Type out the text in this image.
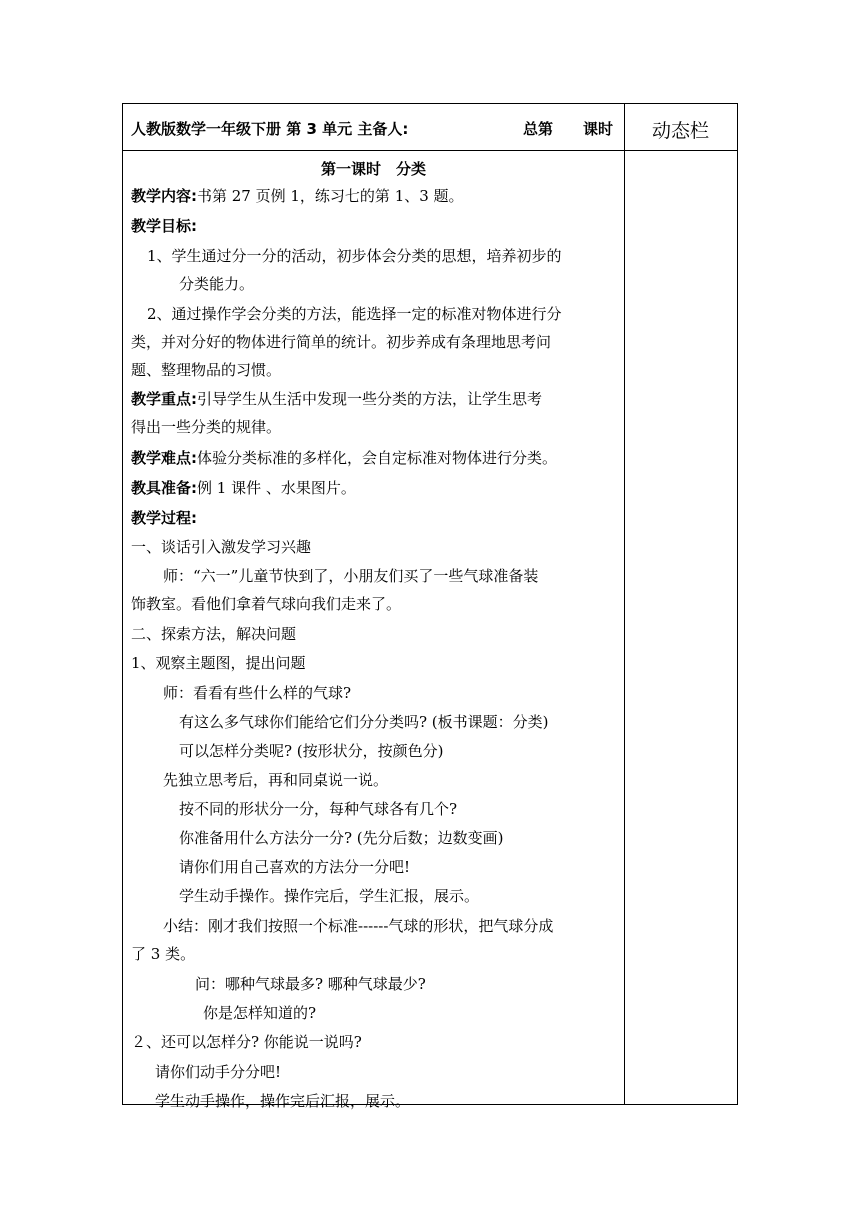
人教版数学一年级下册 第 3 单元 主备人:	总第 课时	动态栏
第一课时　分类
教学内容:书第 27 页例 1，练习七的第 1、3 题。
教学目标:
1、学生通过分一分的活动，初步体会分类的思想，培养初步的
分类能力。
2、通过操作学会分类的方法，能选择一定的标准对物体进行分
类，并对分好的物体进行简单的统计。初步养成有条理地思考问
题、整理物品的习惯。
教学重点:引导学生从生活中发现一些分类的方法，让学生思考
得出一些分类的规律。
教学难点:体验分类标准的多样化，会自定标准对物体进行分类。
教具准备:例 1 课件 、水果图片。
教学过程:
一、谈话引入激发学习兴趣
师：“六一”儿童节快到了，小朋友们买了一些气球准备装
饰教室。看他们拿着气球向我们走来了。
二、探索方法，解决问题
1、观察主题图，提出问题
师：看看有些什么样的气球?
有这么多气球你们能给它们分分类吗? (板书课题：分类)
可以怎样分类呢? (按形状分，按颜色分)
先独立思考后，再和同桌说一说。
按不同的形状分一分，每种气球各有几个?
你准备用什么方法分一分? (先分后数；边数变画)
请你们用自己喜欢的方法分一分吧!
学生动手操作。操作完后，学生汇报，展示。
小结：刚才我们按照一个标准------气球的形状，把气球分成
了 3 类。
问：哪种气球最多? 哪种气球最少?
你是怎样知道的?
２、还可以怎样分? 你能说一说吗?
请你们动手分分吧!
学生动手操作，操作完后汇报，展示。
